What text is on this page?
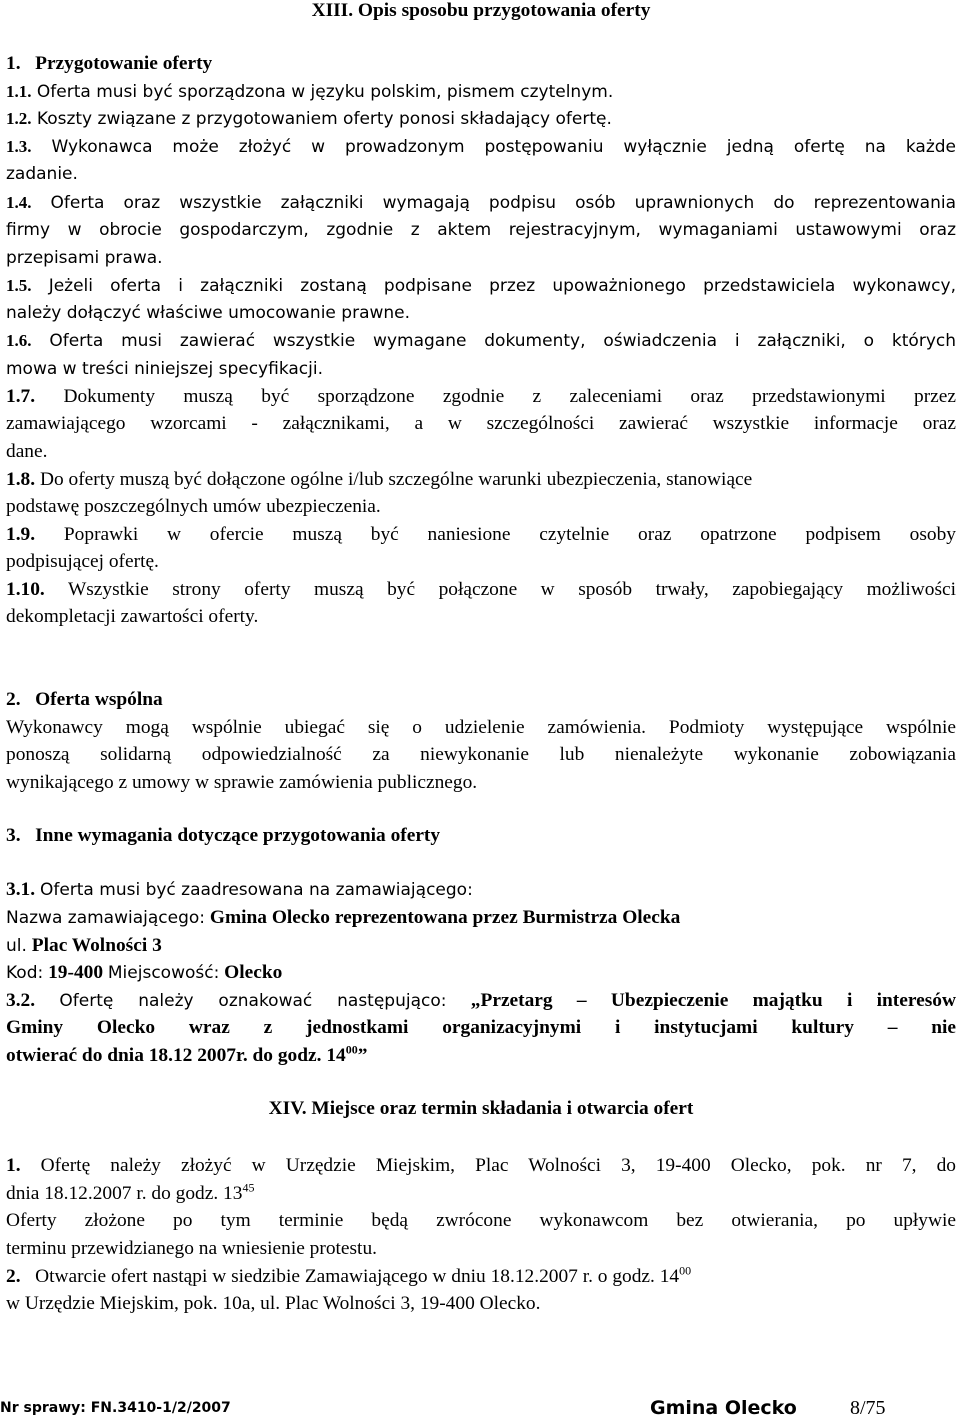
XIII. Opis sposobu przygotowania oferty
1. Przygotowanie oferty
1.1. Oferta musi być sporządzona w języku polskim, pismem czytelnym.
1.2. Koszty związane z przygotowaniem oferty ponosi składający ofertę.
1.3. Wykonawca może złożyć w prowadzonym postępowaniu wyłącznie jedną ofertę na każde
zadanie.
1.4. Oferta oraz wszystkie załączniki wymagają podpisu osób uprawnionych do reprezentowania
firmy w obrocie gospodarczym, zgodnie z aktem rejestracyjnym, wymaganiami ustawowymi oraz
przepisami prawa.
1.5. Jeżeli oferta i załączniki zostaną podpisane przez upoważnionego przedstawiciela wykonawcy,
należy dołączyć właściwe umocowanie prawne.
1.6. Oferta musi zawierać wszystkie wymagane dokumenty, oświadczenia i załączniki, o których
mowa w treści niniejszej specyfikacji.
1.7. Dokumenty muszą być sporządzone zgodnie z zaleceniami oraz przedstawionymi przez
zamawiającego wzorcami - załącznikami, a w szczególności zawierać wszystkie informacje oraz
dane.
1.8. Do oferty muszą być dołączone ogólne i/lub szczególne warunki ubezpieczenia, stanowiące
podstawę poszczególnych umów ubezpieczenia.
1.9. Poprawki w ofercie muszą być naniesione czytelnie oraz opatrzone podpisem osoby
podpisującej ofertę.
1.10. Wszystkie strony oferty muszą być połączone w sposób trwały, zapobiegający możliwości
dekompletacji zawartości oferty.
2. Oferta wspólna
Wykonawcy mogą wspólnie ubiegać się o udzielenie zamówienia. Podmioty występujące wspólnie
ponoszą solidarną odpowiedzialność za niewykonanie lub nienależyte wykonanie zobowiązania
wynikającego z umowy w sprawie zamówienia publicznego.
3. Inne wymagania dotyczące przygotowania oferty
3.1. Oferta musi być zaadresowana na zamawiającego:
Nazwa zamawiającego: Gmina Olecko reprezentowana przez Burmistrza Olecka
ul. Plac Wolności 3
Kod: 19-400 Miejscowość: Olecko
3.2. Ofertę należy oznakować następująco: „Przetarg – Ubezpieczenie majątku i interesów
Gminy Olecko wraz z jednostkami organizacyjnymi i instytucjami kultury – nie
otwierać do dnia 18.12 2007r. do godz. $14^{00}$”
XIV. Miejsce oraz termin składania i otwarcia ofert
1. Ofertę należy złożyć w Urzędzie Miejskim, Plac Wolności 3, 19-400 Olecko, pok. nr 7, do
dnia 18.12.2007 r. do godz. $13^{45}$
Oferty złożone po tym terminie będą zwrócone wykonawcom bez otwierania, po upływie
terminu przewidzianego na wniesienie protestu.
2. Otwarcie ofert nastąpi w siedzibie Zamawiającego w dniu 18.12.2007 r. o godz. $14^{00}$
w Urzędzie Miejskim, pok. 10a, ul. Plac Wolności 3, 19-400 Olecko.
Nr sprawy: FN.3410-1/2/2007	Gmina Olecko	8/75
